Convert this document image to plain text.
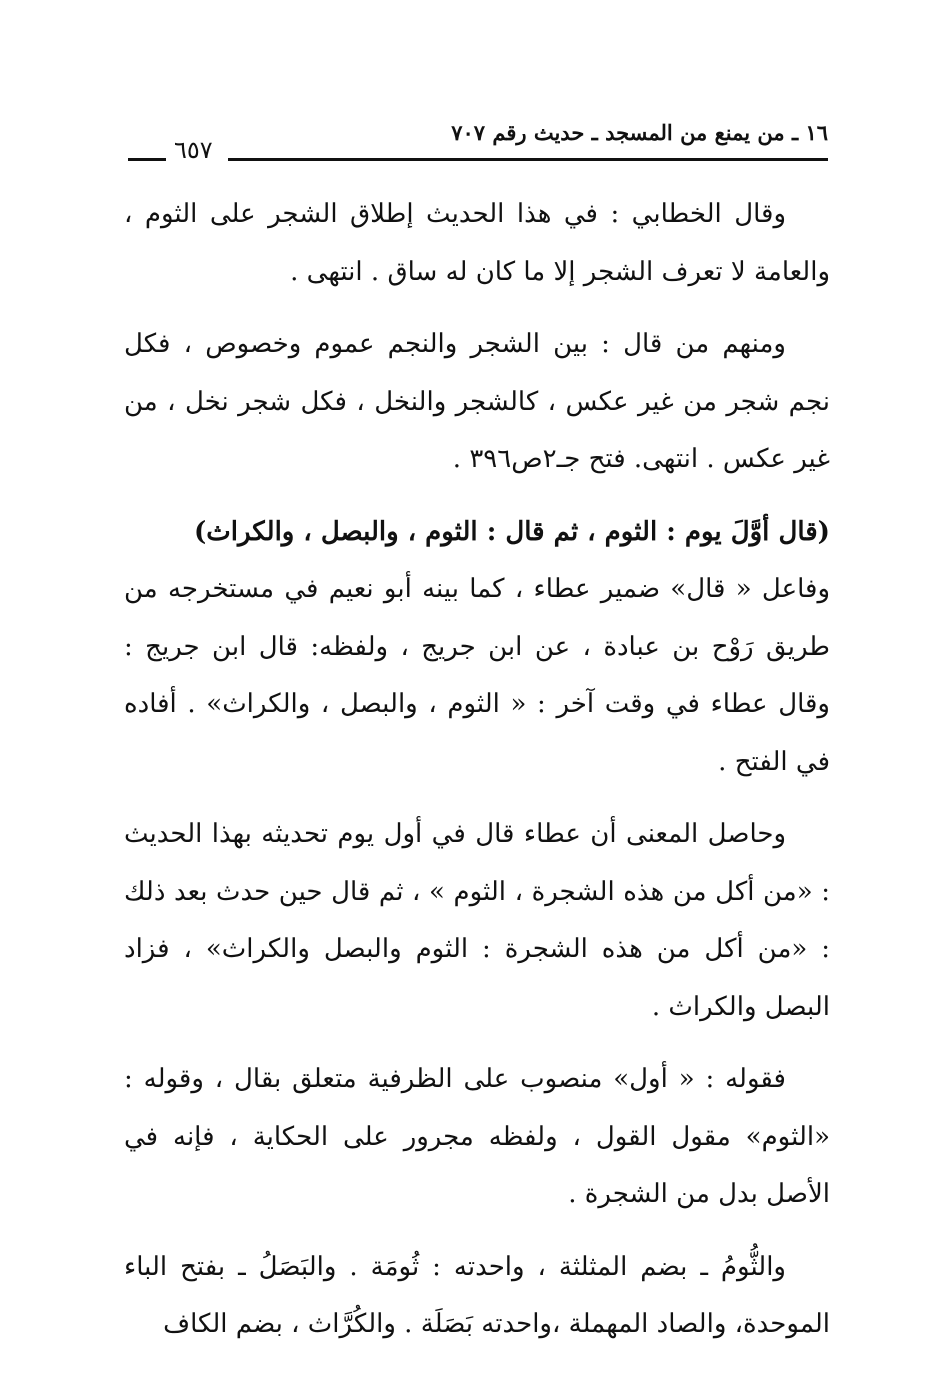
١٦ ـ من يمنع من المسجد ـ حديث رقم ٧٠٧
٦٥٧

وقال الخطابي : في هذا الحديث إطلاق الشجر على الثوم ، والعامة لا تعرف الشجر إلا ما كان له ساق . انتهى .

ومنهم من قال : بين الشجر والنجم عموم وخصوص ، فكل نجم شجر من غير عكس ، كالشجر والنخل ، فكل شجر نخل ، من غير عكس . انتهى. فتح جـ٢ص٣٩٦ .

(قال أوَّلَ يوم : الثوم ، ثم قال : الثوم ، والبصل ، والكراث)

وفاعل « قال» ضمير عطاء ، كما بينه أبو نعيم في مستخرجه من طريق رَوْح بن عبادة ، عن ابن جريج ، ولفظه: قال ابن جريج : وقال عطاء في وقت آخر : « الثوم ، والبصل ، والكراث» . أفاده في الفتح .

وحاصل المعنى أن عطاء قال في أول يوم تحديثه بهذا الحديث : «من أكل من هذه الشجرة ، الثوم » ، ثم قال حين حدث بعد ذلك : «من أكل من هذه الشجرة : الثوم والبصل والكراث» ، فزاد البصل والكراث .

فقوله : « أول» منصوب على الظرفية متعلق بقال ، وقوله : «الثوم» مقول القول ، ولفظه مجرور على الحكاية ، فإنه في الأصل بدل من الشجرة .

والثُّومُ ـ بضم المثلثة ، واحدته : ثُومَة . والبَصَلُ ـ بفتح الباء الموحدة، والصاد المهملة ،واحدته بَصَلَة . والكُرَّاث ، بضم الكاف
